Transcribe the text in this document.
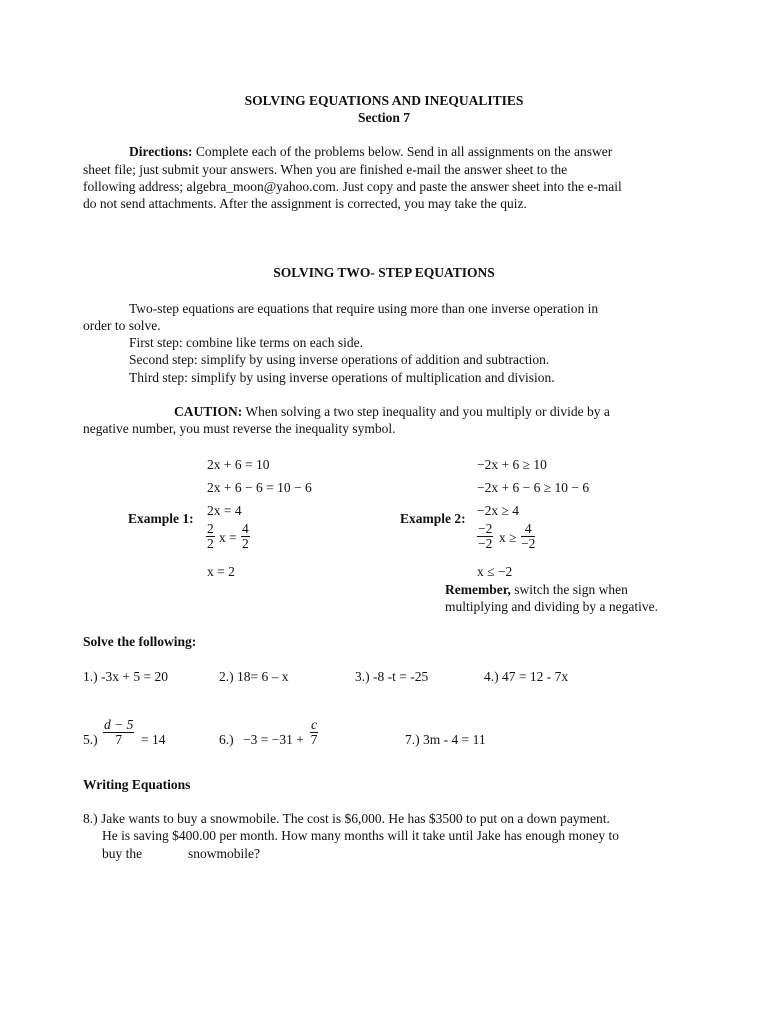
SOLVING EQUATIONS AND INEQUALITIES
Section 7
Directions: Complete each of the problems below. Send in all assignments on the answer
sheet file; just submit your answers. When you are finished e-mail the answer sheet to the
following address; algebra_moon@yahoo.com. Just copy and paste the answer sheet into the e-mail
do not send attachments. After the assignment is corrected, you may take the quiz.
SOLVING TWO- STEP EQUATIONS
Two-step equations are equations that require using more than one inverse operation in
order to solve.
First step: combine like terms on each side.
Second step: simplify by using inverse operations of addition and subtraction.
Third step: simplify by using inverse operations of multiplication and division.
CAUTION: When solving a two step inequality and you multiply or divide by a
negative number, you must reverse the inequality symbol.
2x + 6 = 10
2x + 6 − 6 = 10 − 6
2x = 4
Example 1:
$\frac{2}{2}$ $x = \frac{4}{2}$
x = 2
−2x + 6 ≥ 10
−2x + 6 − 6 ≥ 10 − 6
−2x ≥ 4
Example 2:
$\frac{-2}{-2}$ $x \ge \frac{4}{-2}$
x ≤ −2
Remember, switch the sign when
multiplying and dividing by a negative.
Solve the following:
1.) -3x + 5 = 20	2.) 18= 6 – x	3.) -8 -t = -25	4.) 47 = 12 - 7x
$5.) \frac{d - 5}{7} = 14$	$6.) -3 = -31 + \frac{c}{7}$	7.) 3m - 4 = 11
Writing Equations
8.) Jake wants to buy a snowmobile. The cost is $6,000. He has $3500 to put on a down payment.
He is saving $400.00 per month. How many months will it take until Jake has enough money to
buy the	snowmobile?
